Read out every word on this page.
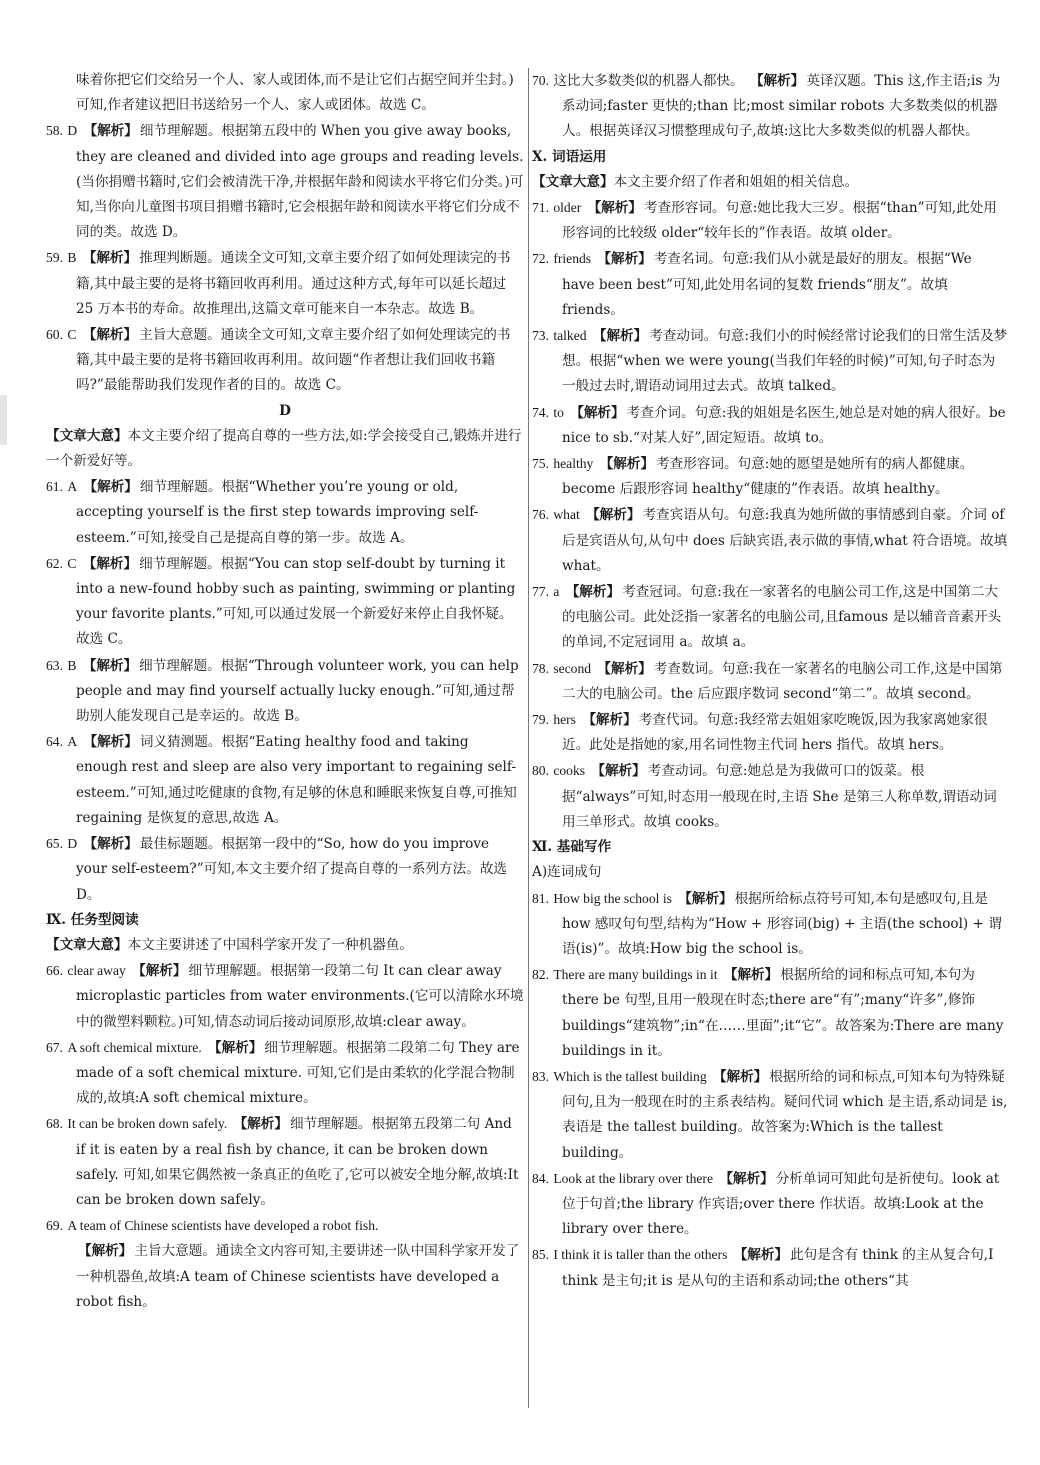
味着你把它们交给另一个人、家人或团体,而不是让它们占据空间并尘封。)可知,作者建议把旧书送给另一个人、家人或团体。故选 C。

58. D 【解析】 细节理解题。根据第五段中的 When you give away books, they are cleaned and divided into age groups and reading levels.(当你捐赠书籍时,它们会被清洗干净,并根据年龄和阅读水平将它们分类。)可知,当你向儿童图书项目捐赠书籍时,它会根据年龄和阅读水平将它们分成不同的类。故选 D。
59. B 【解析】 推理判断题。通读全文可知,文章主要介绍了如何处理读完的书籍,其中最主要的是将书籍回收再利用。通过这种方式,每年可以延长超过 25 万本书的寿命。故推理出,这篇文章可能来自一本杂志。故选 B。
60. C 【解析】 主旨大意题。通读全文可知,文章主要介绍了如何处理读完的书籍,其中最主要的是将书籍回收再利用。故问题“作者想让我们回收书籍吗?”最能帮助我们发现作者的目的。故选 C。
D

【文章大意】本文主要介绍了提高自尊的一些方法,如:学会接受自己,锻炼并进行一个新爱好等。

61. A 【解析】 细节理解题。根据“Whether you’re young or old, accepting yourself is the first step towards improving self-esteem.”可知,接受自己是提高自尊的第一步。故选 A。
62. C 【解析】 细节理解题。根据“You can stop self-doubt by turning it into a new-found hobby such as painting, swimming or planting your favorite plants.”可知,可以通过发展一个新爱好来停止自我怀疑。故选 C。
63. B 【解析】 细节理解题。根据“Through volunteer work, you can help people and may find yourself actually lucky enough.”可知,通过帮助别人能发现自己是幸运的。故选 B。
64. A 【解析】 词义猜测题。根据“Eating healthy food and taking enough rest and sleep are also very important to regaining self-esteem.”可知,通过吃健康的食物,有足够的休息和睡眠来恢复自尊,可推知 regaining 是恢复的意思,故选 A。
65. D 【解析】 最佳标题题。根据第一段中的“So, how do you improve your self-esteem?”可知,本文主要介绍了提高自尊的一系列方法。故选 D。

Ⅸ. 任务型阅读

【文章大意】本文主要讲述了中国科学家开发了一种机器鱼。

66. clear away 【解析】 细节理解题。根据第一段第二句 It can clear away microplastic particles from water environments.(它可以清除水环境中的微塑料颗粒。)可知,情态动词后接动词原形,故填:clear away。
67. A soft chemical mixture. 【解析】 细节理解题。根据第二段第二句 They are made of a soft chemical mixture. 可知,它们是由柔软的化学混合物制成的,故填:A soft chemical mixture。
68. It can be broken down safely. 【解析】 细节理解题。根据第五段第二句 And if it is eaten by a real fish by chance, it can be broken down safely. 可知,如果它偶然被一条真正的鱼吃了,它可以被安全地分解,故填:It can be broken down safely。
69. A team of Chinese scientists have developed a robot fish.
【解析】 主旨大意题。通读全文内容可知,主要讲述一队中国科学家开发了一种机器鱼,故填:A team of Chinese scientists have developed a robot fish。
70. 这比大多数类似的机器人都快。 【解析】 英译汉题。This 这,作主语;is 为系动词;faster 更快的;than 比;most similar robots 大多数类似的机器人。根据英译汉习惯整理成句子,故填:这比大多数类似的机器人都快。

Ⅹ. 词语运用

【文章大意】本文主要介绍了作者和姐姐的相关信息。

71. older 【解析】 考查形容词。句意:她比我大三岁。根据“than”可知,此处用形容词的比较级 older“较年长的”作表语。故填 older。
72. friends 【解析】 考查名词。句意:我们从小就是最好的朋友。根据“We have been best”可知,此处用名词的复数 friends“朋友”。故填 friends。
73. talked 【解析】 考查动词。句意:我们小的时候经常讨论我们的日常生活及梦想。根据“when we were young(当我们年轻的时候)”可知,句子时态为一般过去时,谓语动词用过去式。故填 talked。
74. to 【解析】 考查介词。句意:我的姐姐是名医生,她总是对她的病人很好。be nice to sb.“对某人好”,固定短语。故填 to。
75. healthy 【解析】 考查形容词。句意:她的愿望是她所有的病人都健康。become 后跟形容词 healthy“健康的”作表语。故填 healthy。
76. what 【解析】 考查宾语从句。句意:我真为她所做的事情感到自豪。介词 of 后是宾语从句,从句中 does 后缺宾语,表示做的事情,what 符合语境。故填 what。
77. a 【解析】 考查冠词。句意:我在一家著名的电脑公司工作,这是中国第二大的电脑公司。此处泛指一家著名的电脑公司,且famous 是以辅音音素开头的单词,不定冠词用 a。故填 a。
78. second 【解析】 考查数词。句意:我在一家著名的电脑公司工作,这是中国第二大的电脑公司。the 后应跟序数词 second“第二”。故填 second。
79. hers 【解析】 考查代词。句意:我经常去姐姐家吃晚饭,因为我家离她家很近。此处是指她的家,用名词性物主代词 hers 指代。故填 hers。
80. cooks 【解析】 考查动词。句意:她总是为我做可口的饭菜。根据“always”可知,时态用一般现在时,主语 She 是第三人称单数,谓语动词用三单形式。故填 cooks。

Ⅺ. 基础写作

A)连词成句

81. How big the school is 【解析】 根据所给标点符号可知,本句是感叹句,且是 how 感叹句句型,结构为“How + 形容词(big) + 主语(the school) + 谓语(is)”。故填:How big the school is。
82. There are many buildings in it 【解析】 根据所给的词和标点可知,本句为 there be 句型,且用一般现在时态;there are“有”;many“许多”,修饰 buildings“建筑物”;in“在……里面”;it“它”。故答案为:There are many buildings in it。
83. Which is the tallest building 【解析】 根据所给的词和标点,可知本句为特殊疑问句,且为一般现在时的主系表结构。疑问代词 which 是主语,系动词是 is,表语是 the tallest building。故答案为:Which is the tallest building。
84. Look at the library over there 【解析】 分析单词可知此句是祈使句。look at 位于句首;the library 作宾语;over there 作状语。故填:Look at the library over there。
85. I think it is taller than the others 【解析】 此句是含有 think 的主从复合句,I think 是主句;it is 是从句的主语和系动词;the others“其
